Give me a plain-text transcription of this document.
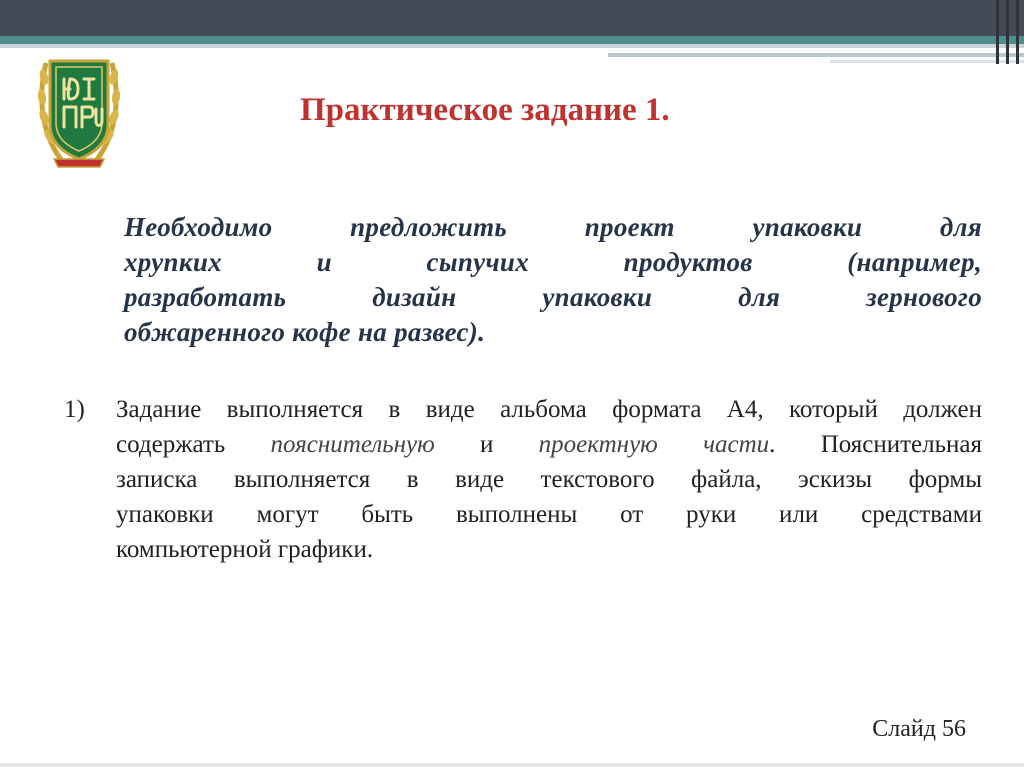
Практическое задание 1.
Необходимо предложить проект упаковки для
хрупких и сыпучих продуктов (например,
разработать дизайн упаковки для зернового
обжаренного кофе на развес).
1)	Задание выполняется в виде альбома формата А4, который должен
содержать пояснительную и проектную части. Пояснительная
записка выполняется в виде текстового файла, эскизы формы
упаковки могут быть выполнены от руки или средствами
компьютерной графики.
Слайд 56
